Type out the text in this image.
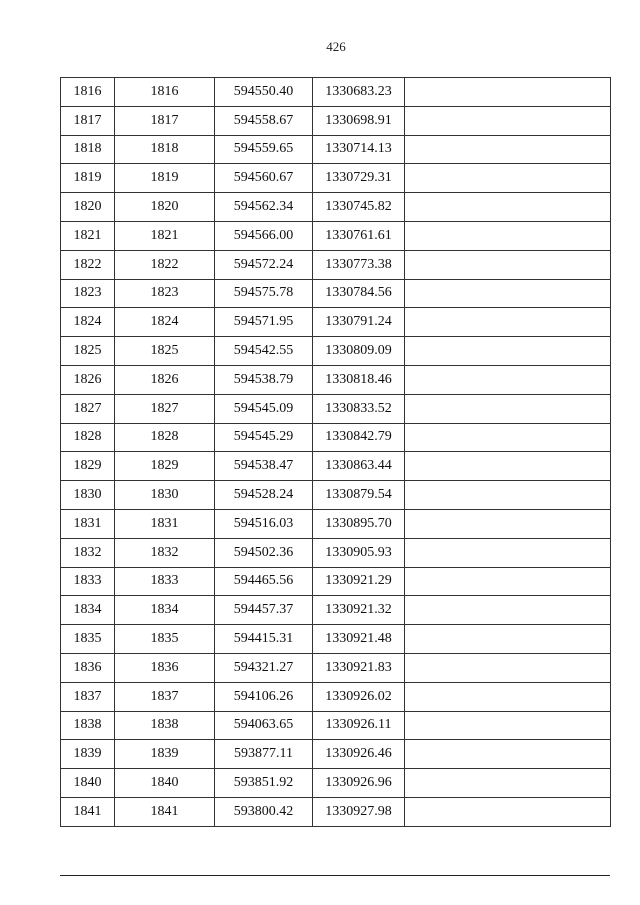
426
1816	1816	594550.40	1330683.23	
1817	1817	594558.67	1330698.91	
1818	1818	594559.65	1330714.13	
1819	1819	594560.67	1330729.31	
1820	1820	594562.34	1330745.82	
1821	1821	594566.00	1330761.61	
1822	1822	594572.24	1330773.38	
1823	1823	594575.78	1330784.56	
1824	1824	594571.95	1330791.24	
1825	1825	594542.55	1330809.09	
1826	1826	594538.79	1330818.46	
1827	1827	594545.09	1330833.52	
1828	1828	594545.29	1330842.79	
1829	1829	594538.47	1330863.44	
1830	1830	594528.24	1330879.54	
1831	1831	594516.03	1330895.70	
1832	1832	594502.36	1330905.93	
1833	1833	594465.56	1330921.29	
1834	1834	594457.37	1330921.32	
1835	1835	594415.31	1330921.48	
1836	1836	594321.27	1330921.83	
1837	1837	594106.26	1330926.02	
1838	1838	594063.65	1330926.11	
1839	1839	593877.11	1330926.46	
1840	1840	593851.92	1330926.96	
1841	1841	593800.42	1330927.98	
